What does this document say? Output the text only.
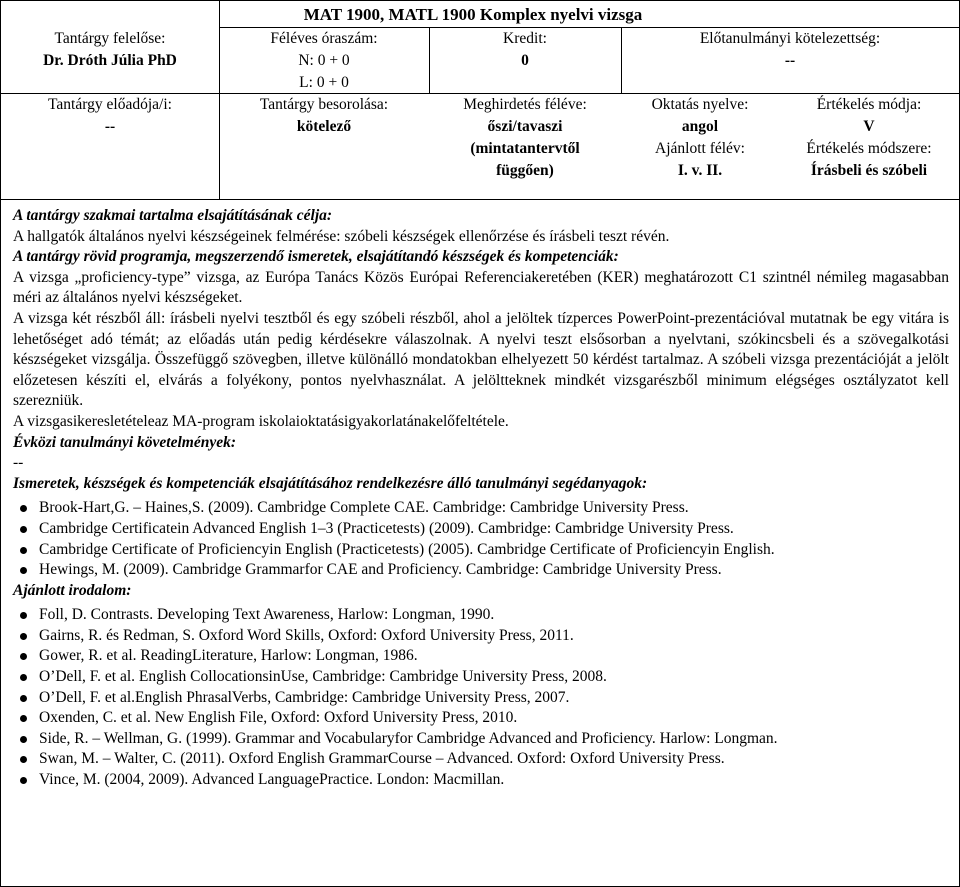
MAT 1900, MATL 1900 Komplex nyelvi vizsga
Tantárgy felelőse:
Dr. Dróth Júlia PhD
Féléves óraszám:
N: 0 + 0
L: 0 + 0
Kredit:
0
Előtanulmányi kötelezettség:
--
Tantárgy előadója/i:
--
Tantárgy besorolása:
kötelező
Meghirdetés féléve:
őszi/tavaszi
(mintatantervtől
függően)
Oktatás nyelve:
angol
Ajánlott félév:
I. v. II.
Értékelés módja:
V
Értékelés módszere:
Írásbeli és szóbeli
A tantárgy szakmai tartalma elsajátításának célja:
A hallgatók általános nyelvi készségeinek felmérése: szóbeli készségek ellenőrzése és írásbeli teszt révén.
A tantárgy rövid programja, megszerzendő ismeretek, elsajátítandó készségek és kompetenciák:
A vizsga „proficiency-type” vizsga, az Európa Tanács Közös Európai Referenciakeretében (KER) meghatározott C1 szintnél némileg magasabban méri az általános nyelvi készségeket.
A vizsga két részből áll: írásbeli nyelvi tesztből és egy szóbeli részből, ahol a jelöltek tízperces PowerPoint-prezentációval mutatnak be egy vitára is lehetőséget adó témát; az előadás után pedig kérdésekre válaszolnak. A nyelvi teszt elsősorban a nyelvtani, szókincsbeli és a szövegalkotási készségeket vizsgálja. Összefüggő szövegben, illetve különálló mondatokban elhelyezett 50 kérdést tartalmaz. A szóbeli vizsga prezentációját a jelölt előzetesen készíti el, elvárás a folyékony, pontos nyelvhasználat. A jelöltteknek mindkét vizsgarészből minimum elégséges osztályzatot kell szerezniük.
A vizsgasikeresletételeaz MA-program iskolaioktatásigyakorlatánakelőfeltétele.
Évközi tanulmányi követelmények:
--
Ismeretek, készségek és kompetenciák elsajátításához rendelkezésre álló tanulmányi segédanyagok:
Brook-Hart,G. – Haines,S. (2009). Cambridge Complete CAE. Cambridge: Cambridge University Press.
Cambridge Certificatein Advanced English 1–3 (Practicetests) (2009). Cambridge: Cambridge University Press.
Cambridge Certificate of Proficiencyin English (Practicetests) (2005). Cambridge Certificate of Proficiencyin English.
Hewings, M. (2009). Cambridge Grammarfor CAE and Proficiency. Cambridge: Cambridge University Press.
Ajánlott irodalom:
Foll, D. Contrasts. Developing Text Awareness, Harlow: Longman, 1990.
Gairns, R. és Redman, S. Oxford Word Skills, Oxford: Oxford University Press, 2011.
Gower, R. et al. ReadingLiterature, Harlow: Longman, 1986.
O’Dell, F. et al. English CollocationsinUse, Cambridge: Cambridge University Press, 2008.
O’Dell, F. et al.English PhrasalVerbs, Cambridge: Cambridge University Press, 2007.
Oxenden, C. et al. New English File, Oxford: Oxford University Press, 2010.
Side, R. – Wellman, G. (1999). Grammar and Vocabularyfor Cambridge Advanced and Proficiency. Harlow: Longman.
Swan, M. – Walter, C. (2011). Oxford English GrammarCourse – Advanced. Oxford: Oxford University Press.
Vince, M. (2004, 2009). Advanced LanguagePractice. London: Macmillan.
